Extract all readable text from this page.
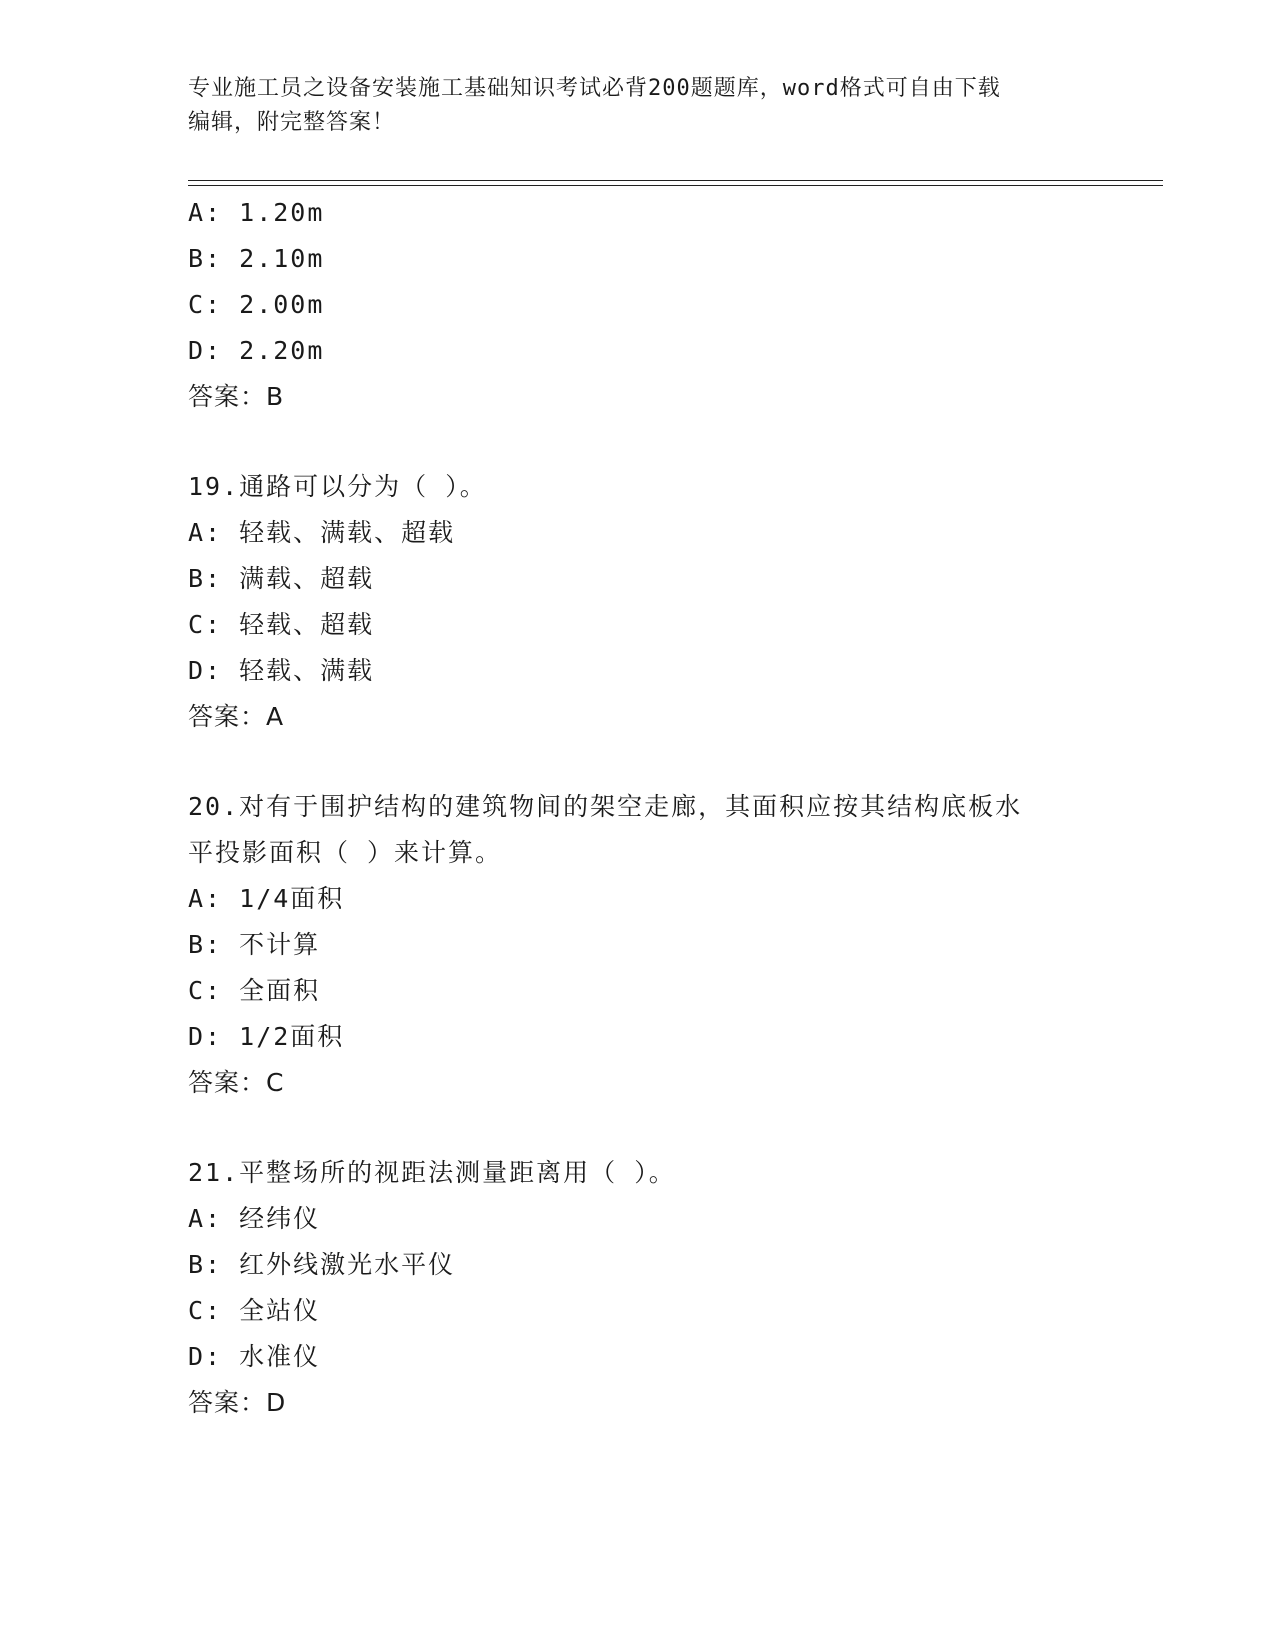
专业施工员之设备安装施工基础知识考试必背200题题库，word格式可自由下载
编辑，附完整答案！
A: 1.20m
B: 2.10m
C: 2.00m
D: 2.20m
答案：B
19.通路可以分为（ ）。
A: 轻载、满载、超载
B: 满载、超载
C: 轻载、超载
D: 轻载、满载
答案：A
20.对有于围护结构的建筑物间的架空走廊，其面积应按其结构底板水
平投影面积（ ）来计算。
A: 1/4面积
B: 不计算
C: 全面积
D: 1/2面积
答案：C
21.平整场所的视距法测量距离用（ ）。
A: 经纬仪
B: 红外线激光水平仪
C: 全站仪
D: 水准仪
答案：D
